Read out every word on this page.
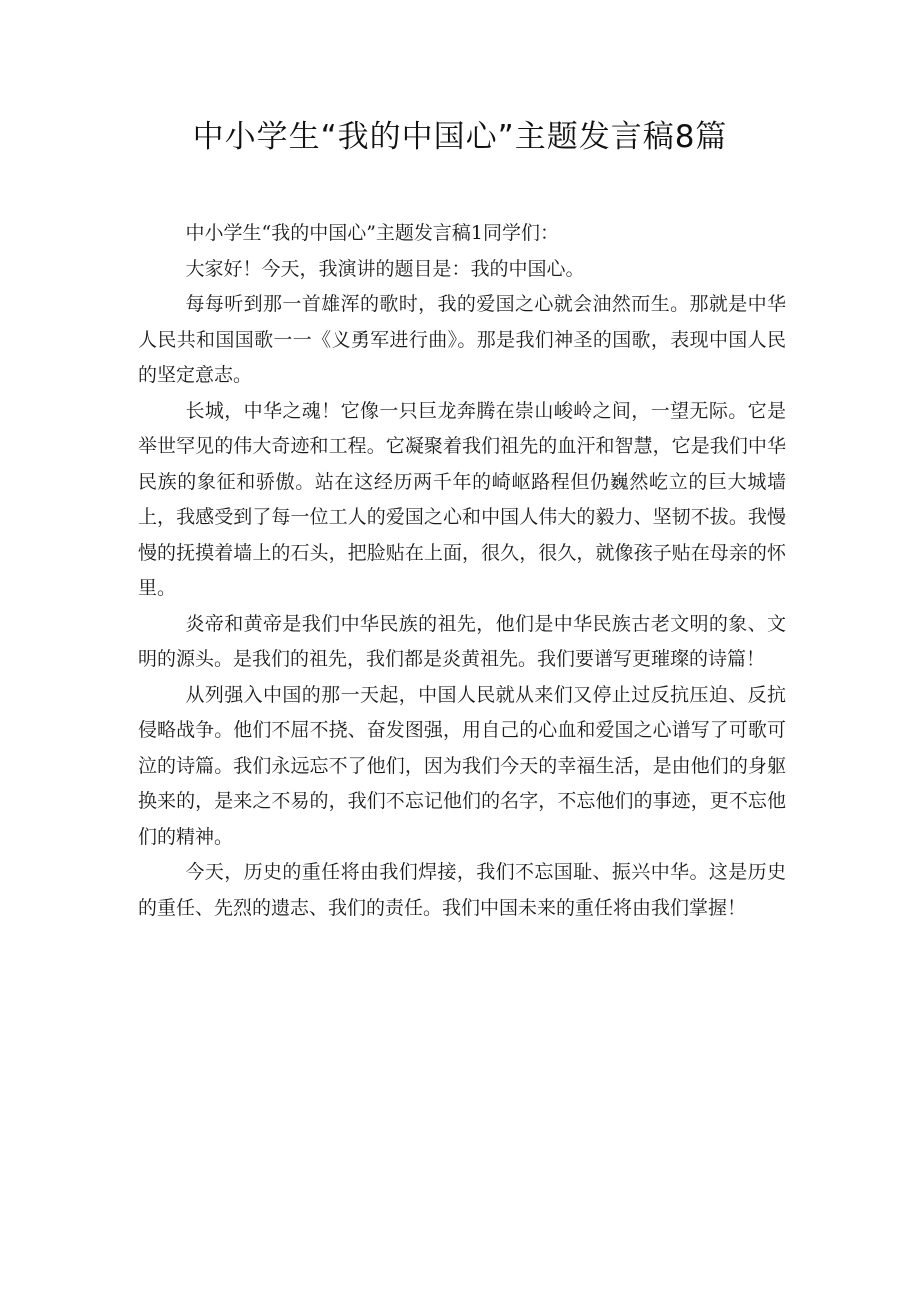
中小学生“我的中国心”主题发言稿8篇

中小学生“我的中国心”主题发言稿1同学们：

大家好！今天，我演讲的题目是：我的中国心。

每每听到那一首雄浑的歌时，我的爱国之心就会油然而生。那就是中华人民共和国国歌一一《义勇军进行曲》。那是我们神圣的国歌，表现中国人民的坚定意志。

长城，中华之魂！它像一只巨龙奔腾在崇山峻岭之间，一望无际。它是举世罕见的伟大奇迹和工程。它凝聚着我们祖先的血汗和智慧，它是我们中华民族的象征和骄傲。站在这经历两千年的崎岖路程但仍巍然屹立的巨大城墙上，我感受到了每一位工人的爱国之心和中国人伟大的毅力、坚韧不拔。我慢慢的抚摸着墙上的石头，把脸贴在上面，很久，很久，就像孩子贴在母亲的怀里。

炎帝和黄帝是我们中华民族的祖先，他们是中华民族古老文明的象、文明的源头。是我们的祖先，我们都是炎黄祖先。我们要谱写更璀璨的诗篇！

从列强入中国的那一天起，中国人民就从来们又停止过反抗压迫、反抗侵略战争。他们不屈不挠、奋发图强，用自己的心血和爱国之心谱写了可歌可泣的诗篇。我们永远忘不了他们，因为我们今天的幸福生活，是由他们的身躯换来的，是来之不易的，我们不忘记他们的名字，不忘他们的事迹，更不忘他们的精神。

今天，历史的重任将由我们焊接，我们不忘国耻、振兴中华。这是历史的重任、先烈的遗志、我们的责任。我们中国未来的重任将由我们掌握！
